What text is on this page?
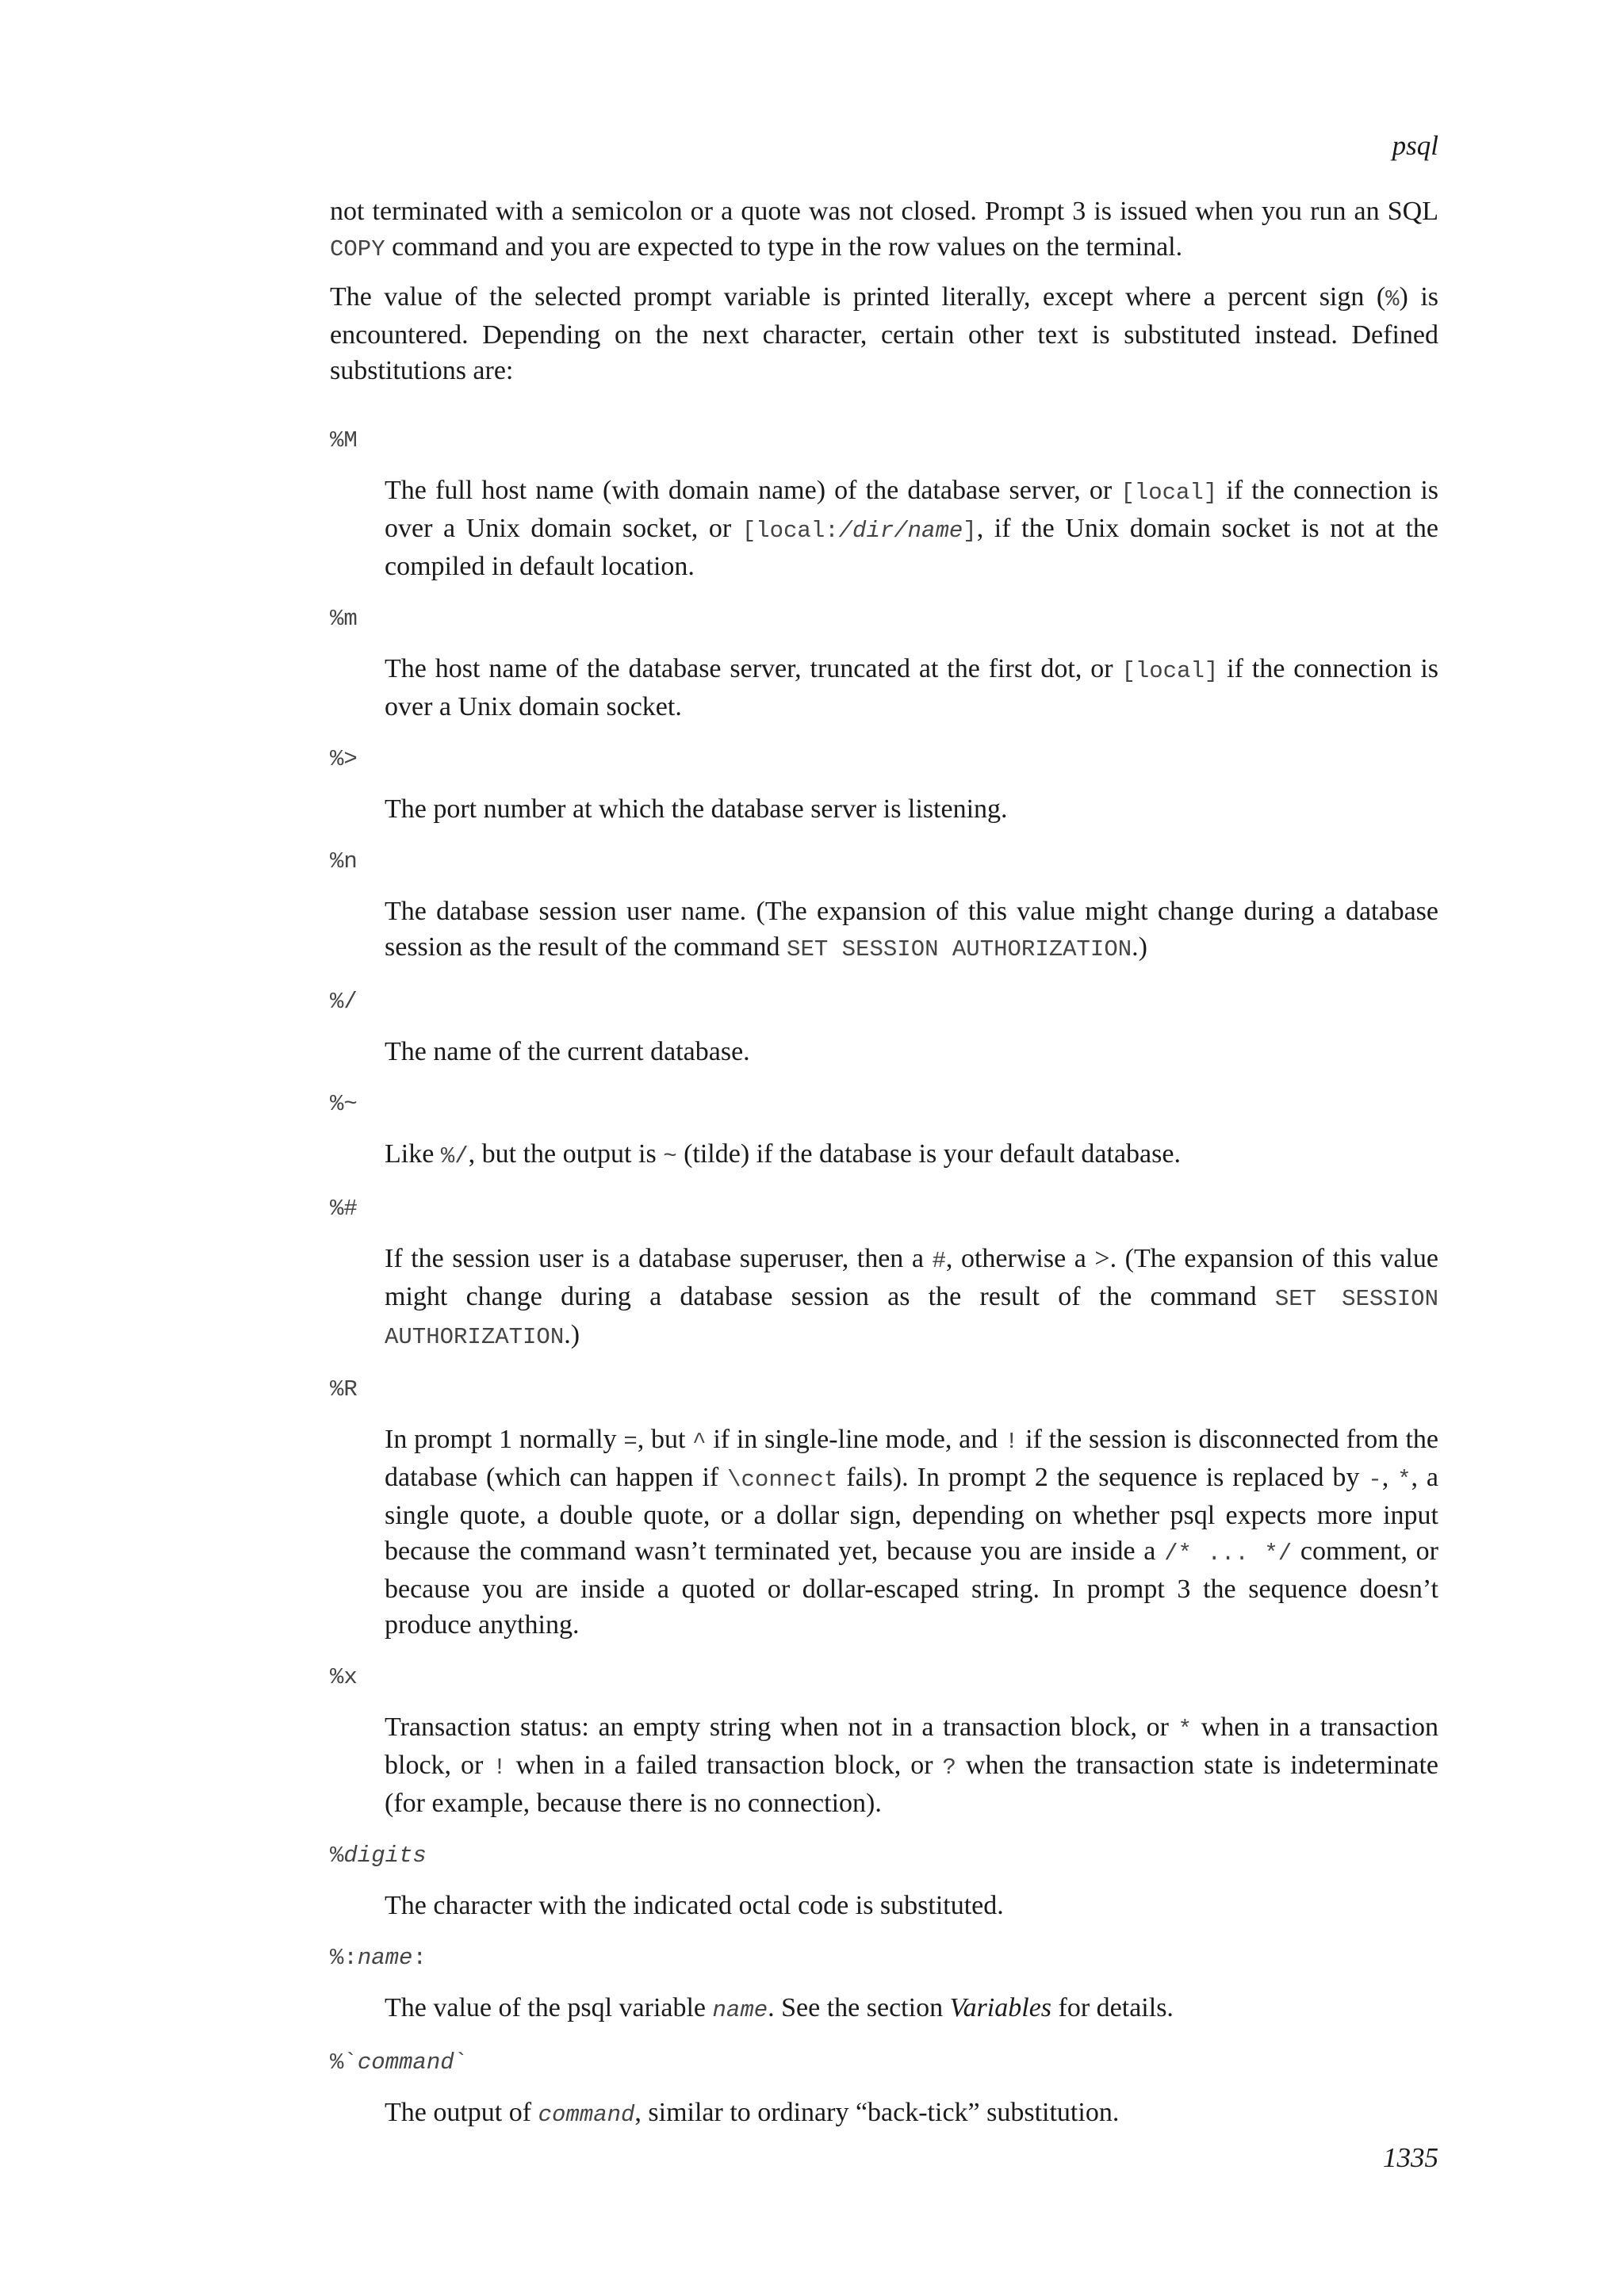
psql

not terminated with a semicolon or a quote was not closed. Prompt 3 is issued when you run an SQL COPY command and you are expected to type in the row values on the terminal.

The value of the selected prompt variable is printed literally, except where a percent sign (%) is encountered. Depending on the next character, certain other text is substituted instead. Defined substitutions are:

%M
The full host name (with domain name) of the database server, or [local] if the connection is over a Unix domain socket, or [local:/dir/name], if the Unix domain socket is not at the compiled in default location.
%m
The host name of the database server, truncated at the first dot, or [local] if the connection is over a Unix domain socket.
%>
The port number at which the database server is listening.
%n
The database session user name. (The expansion of this value might change during a database session as the result of the command SET SESSION AUTHORIZATION.)
%/
The name of the current database.
%~
Like %/, but the output is ~ (tilde) if the database is your default database.
%#
If the session user is a database superuser, then a #, otherwise a >. (The expansion of this value might change during a database session as the result of the command SET SESSION AUTHORIZATION.)
%R
In prompt 1 normally =, but ^ if in single-line mode, and ! if the session is disconnected from the database (which can happen if \connect fails). In prompt 2 the sequence is replaced by -, *, a single quote, a double quote, or a dollar sign, depending on whether psql expects more input because the command wasn’t terminated yet, because you are inside a /* ... */ comment, or because you are inside a quoted or dollar-escaped string. In prompt 3 the sequence doesn’t produce anything.
%x
Transaction status: an empty string when not in a transaction block, or * when in a transaction block, or ! when in a failed transaction block, or ? when the transaction state is indeterminate (for example, because there is no connection).
%digits
The character with the indicated octal code is substituted.
%:name:
The value of the psql variable name. See the section Variables for details.
%`command`
The output of command, similar to ordinary “back-tick” substitution.
1335
